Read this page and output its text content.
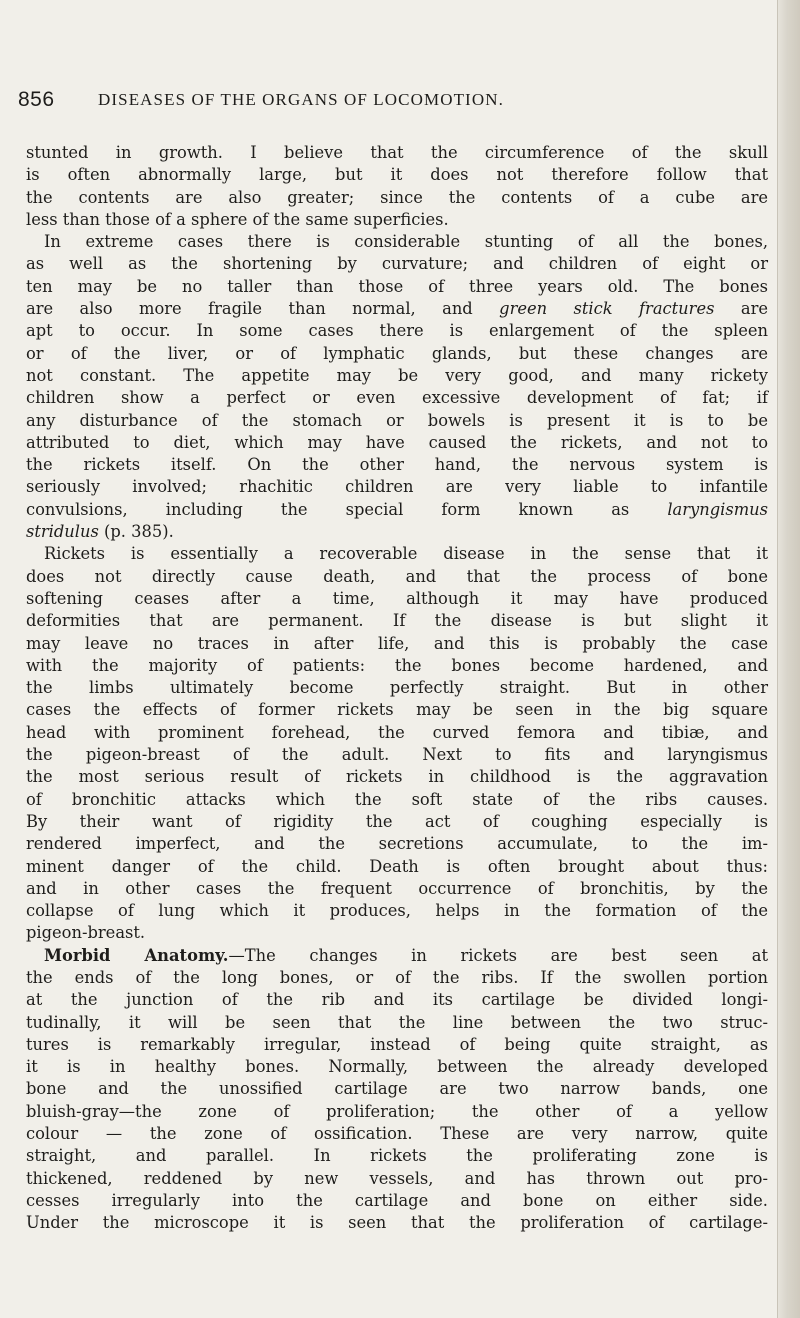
856	DISEASES OF THE ORGANS OF LOCOMOTION.
stunted in growth. I believe that the circumference of the skull
is often abnormally large, but it does not therefore follow that
the contents are also greater; since the contents of a cube are
less than those of a sphere of the same superficies.
In extreme cases there is considerable stunting of all the bones,
as well as the shortening by curvature; and children of eight or
ten may be no taller than those of three years old. The bones
are also more fragile than normal, and green stick fractures are
apt to occur. In some cases there is enlargement of the spleen
or of the liver, or of lymphatic glands, but these changes are
not constant. The appetite may be very good, and many rickety
children show a perfect or even excessive development of fat; if
any disturbance of the stomach or bowels is present it is to be
attributed to diet, which may have caused the rickets, and not to
the rickets itself. On the other hand, the nervous system is
seriously involved; rhachitic children are very liable to infantile
convulsions, including the special form known as laryngismus
stridulus (p. 385).
Rickets is essentially a recoverable disease in the sense that it
does not directly cause death, and that the process of bone
softening ceases after a time, although it may have produced
deformities that are permanent. If the disease is but slight it
may leave no traces in after life, and this is probably the case
with the majority of patients: the bones become hardened, and
the limbs ultimately become perfectly straight. But in other
cases the effects of former rickets may be seen in the big square
head with prominent forehead, the curved femora and tibiæ, and
the pigeon-breast of the adult. Next to fits and laryngismus
the most serious result of rickets in childhood is the aggravation
of bronchitic attacks which the soft state of the ribs causes.
By their want of rigidity the act of coughing especially is
rendered imperfect, and the secretions accumulate, to the im-
minent danger of the child. Death is often brought about thus:
and in other cases the frequent occurrence of bronchitis, by the
collapse of lung which it produces, helps in the formation of the
pigeon-breast.
Morbid Anatomy.—The changes in rickets are best seen at
the ends of the long bones, or of the ribs. If the swollen portion
at the junction of the rib and its cartilage be divided longi-
tudinally, it will be seen that the line between the two struc-
tures is remarkably irregular, instead of being quite straight, as
it is in healthy bones. Normally, between the already developed
bone and the unossified cartilage are two narrow bands, one
bluish-gray—the zone of proliferation; the other of a yellow
colour — the zone of ossification. These are very narrow, quite
straight, and parallel. In rickets the proliferating zone is
thickened, reddened by new vessels, and has thrown out pro-
cesses irregularly into the cartilage and bone on either side.
Under the microscope it is seen that the proliferation of cartilage-
